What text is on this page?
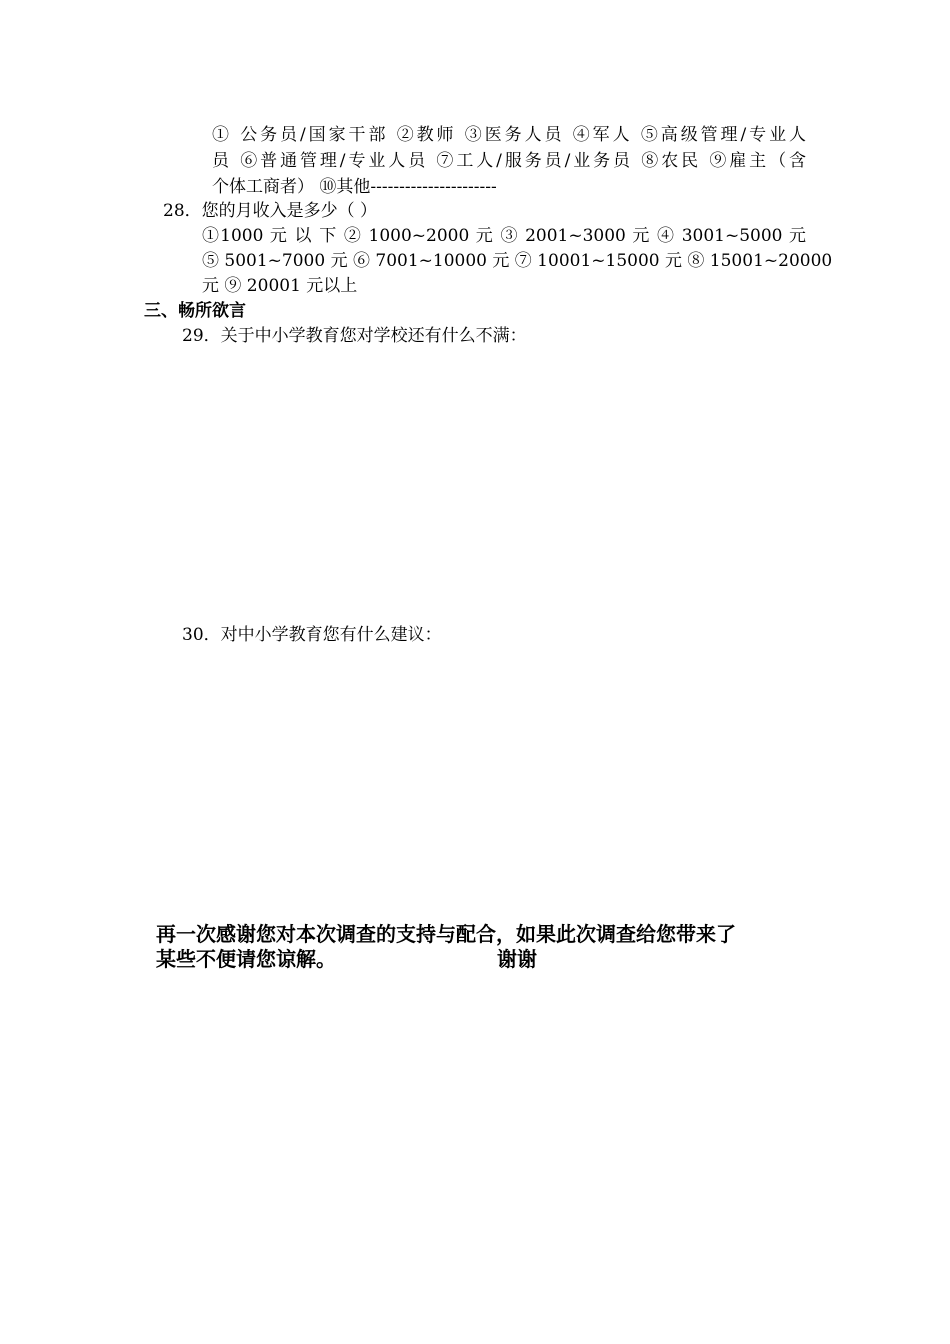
① 公务员/国家干部 ②教师 ③医务人员 ④军人 ⑤高级管理/专业人
员 ⑥普通管理/专业人员 ⑦工人/服务员/业务员 ⑧农民 ⑨雇主（含
个体工商者） ⑩其他----------------------
28．您的月收入是多少（ ）
①1000 元 以 下 ② 1000~2000 元 ③ 2001~3000 元 ④ 3001~5000 元
⑤ 5001~7000 元 ⑥ 7001~10000 元 ⑦ 10001~15000 元 ⑧ 15001~20000
元 ⑨ 20001 元以上
三、畅所欲言
29．关于中小学教育您对学校还有什么不满：
30．对中小学教育您有什么建议：
再一次感谢您对本次调查的支持与配合，如果此次调查给您带来了
某些不便请您谅解。	谢谢
